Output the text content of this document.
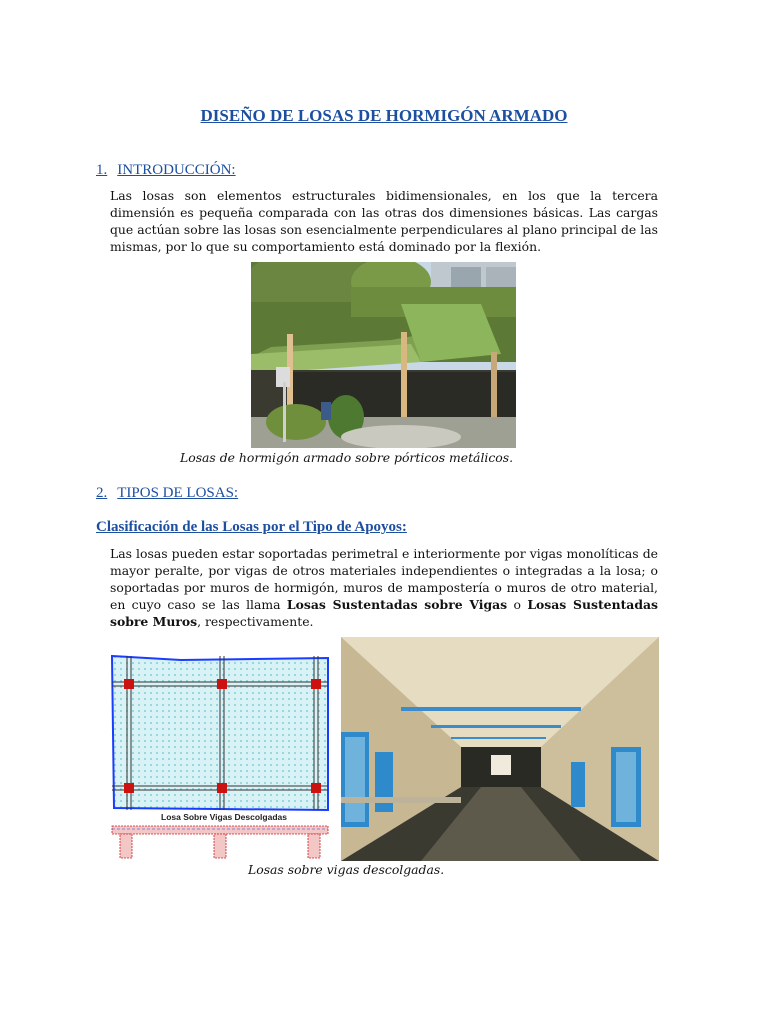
DISEÑO DE LOSAS DE HORMIGÓN ARMADO
1. INTRODUCCIÓN:
Las losas son elementos estructurales bidimensionales, en los que la tercera dimensión es pequeña comparada con las otras dos dimensiones básicas. Las cargas que actúan sobre las losas son esencialmente perpendiculares al plano principal de las mismas, por lo que su comportamiento está dominado por la flexión.
Losas de hormigón armado sobre pórticos metálicos.
2. TIPOS DE LOSAS:
Clasificación de las Losas por el Tipo de Apoyos:
Las losas pueden estar soportadas perimetral e interiormente por vigas monolíticas de mayor peralte, por vigas de otros materiales independientes o integradas a la losa; o soportadas por muros de hormigón, muros de mampostería o muros de otro material, en cuyo caso se las llama Losas Sustentadas sobre Vigas o Losas Sustentadas sobre Muros, respectivamente.
Losa Sobre Vigas Descolgadas
Losas sobre vigas descolgadas.
